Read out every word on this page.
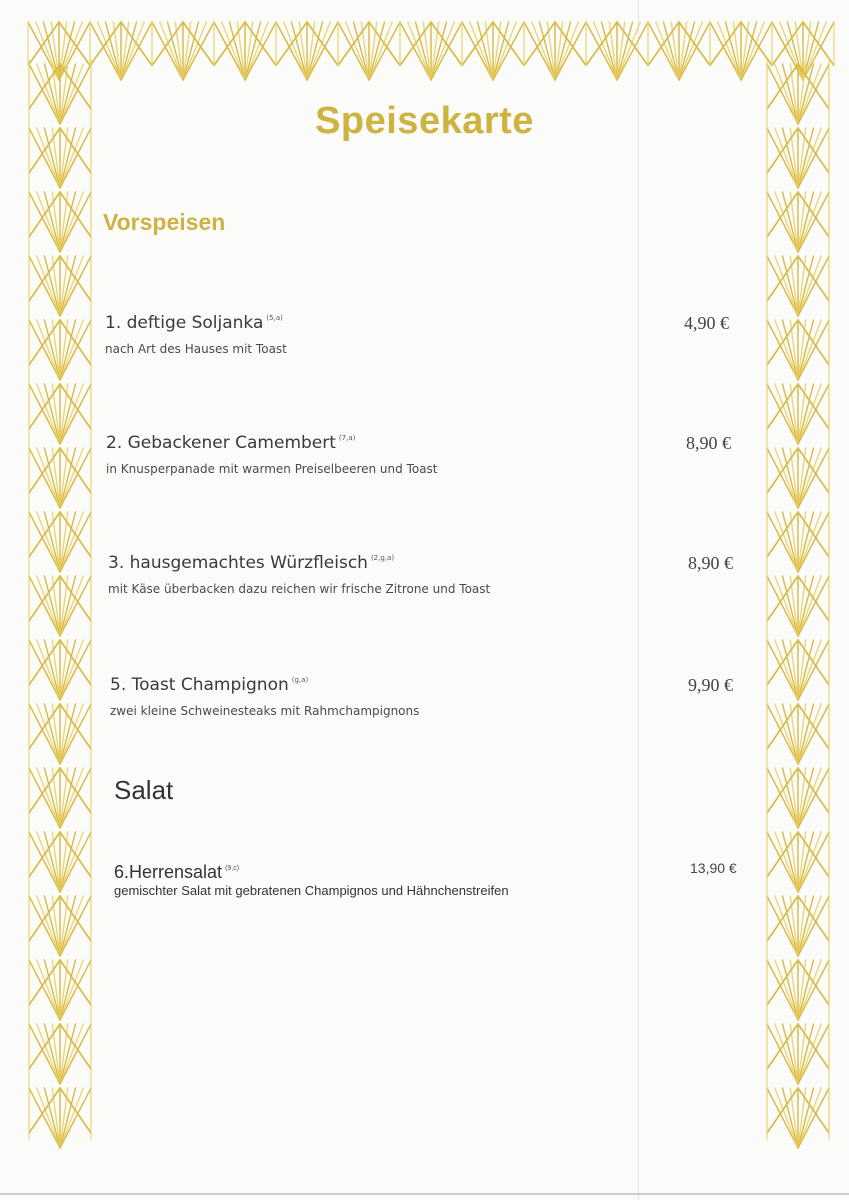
Speisekarte
Vorspeisen
1. deftige Soljanka $^{(5,a)}$
nach Art des Hauses mit Toast
4,90 €
2. Gebackener Camembert $^{(7,a)}$
in Knusperpanade mit warmen Preiselbeeren und Toast
8,90 €
3. hausgemachtes Würzfleisch $^{(2,g,a)}$
mit Käse überbacken dazu reichen wir frische Zitrone und Toast
8,90 €
5. Toast Champignon $^{(g,a)}$
zwei kleine Schweinesteaks mit Rahmchampignons
9,90 €
Salat
6.Herrensalat $^{(9,c)}$
gemischter Salat mit gebratenen Champignos und Hähnchenstreifen
13,90 €
